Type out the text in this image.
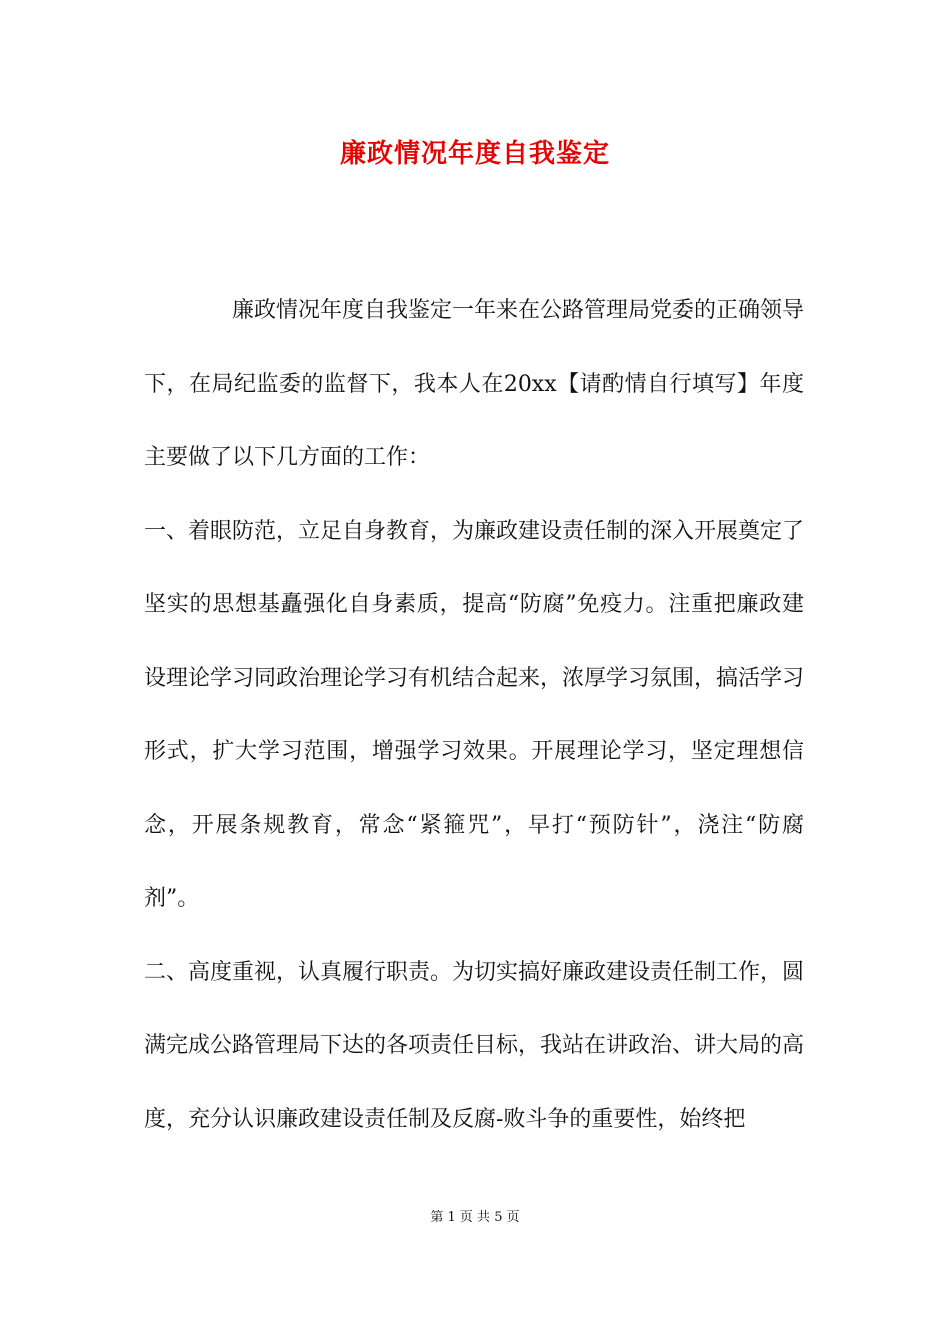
廉政情况年度自我鉴定

廉政情况年度自我鉴定一年来在公路管理局党委的正确领导下，在局纪监委的监督下，我本人在20xx【请酌情自行填写】年度主要做了以下几方面的工作：

一、着眼防范，立足自身教育，为廉政建设责任制的深入开展奠定了坚实的思想基矗强化自身素质，提高“防腐”免疫力。注重把廉政建设理论学习同政治理论学习有机结合起来，浓厚学习氛围，搞活学习形式，扩大学习范围，增强学习效果。开展理论学习，坚定理想信念，开展条规教育，常念“紧箍咒”，早打“预防针”，浇注“防腐剂”。

二、高度重视，认真履行职责。为切实搞好廉政建设责任制工作，圆满完成公路管理局下达的各项责任目标，我站在讲政治、讲大局的高度，充分认识廉政建设责任制及反腐-败斗争的重要性，始终把

第 1 页 共 5 页
